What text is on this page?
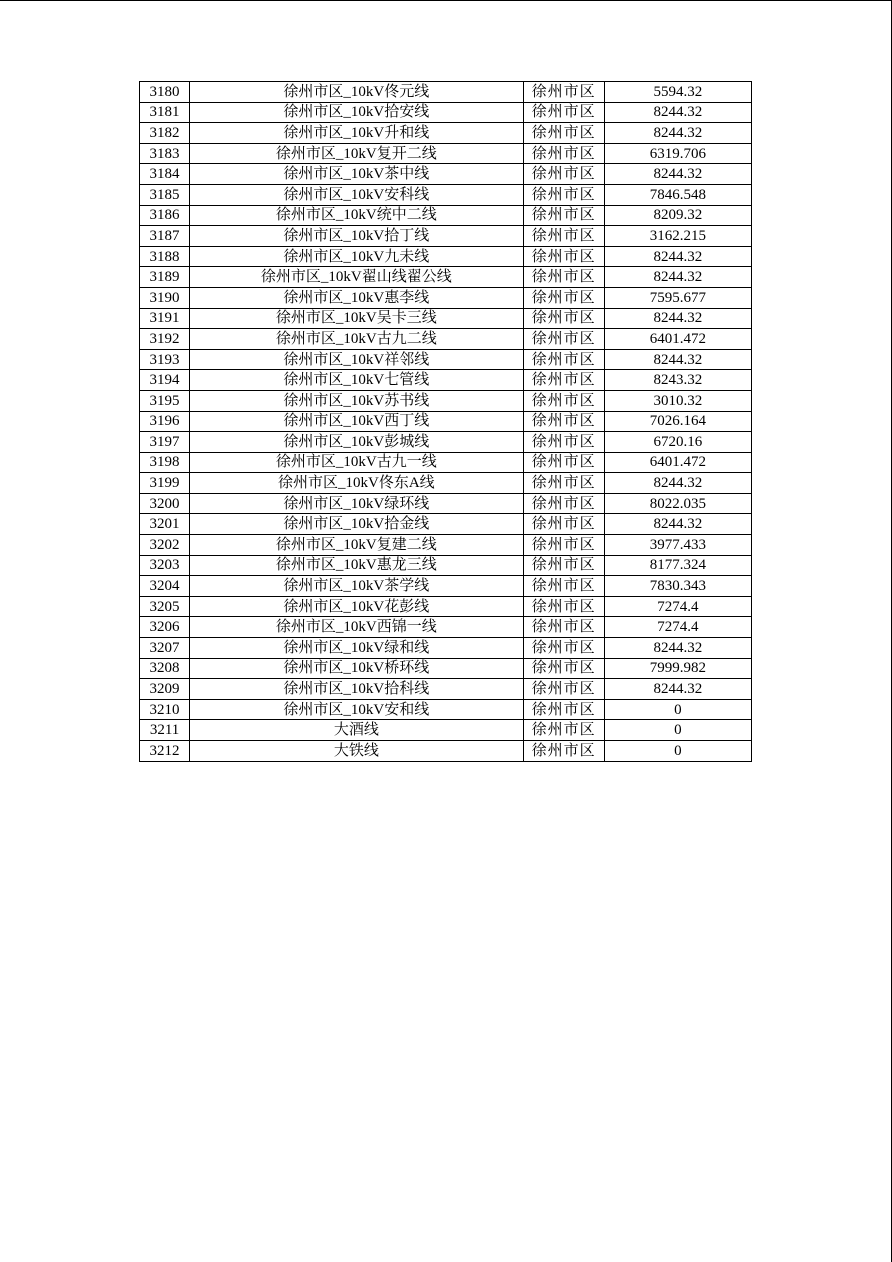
3180	徐州市区_10kV佟元线	徐州市区	5594.32
3181	徐州市区_10kV拾安线	徐州市区	8244.32
3182	徐州市区_10kV升和线	徐州市区	8244.32
3183	徐州市区_10kV复开二线	徐州市区	6319.706
3184	徐州市区_10kV茶中线	徐州市区	8244.32
3185	徐州市区_10kV安科线	徐州市区	7846.548
3186	徐州市区_10kV统中二线	徐州市区	8209.32
3187	徐州市区_10kV拾丁线	徐州市区	3162.215
3188	徐州市区_10kV九未线	徐州市区	8244.32
3189	徐州市区_10kV翟山线翟公线	徐州市区	8244.32
3190	徐州市区_10kV惠李线	徐州市区	7595.677
3191	徐州市区_10kV吴卡三线	徐州市区	8244.32
3192	徐州市区_10kV古九二线	徐州市区	6401.472
3193	徐州市区_10kV祥邻线	徐州市区	8244.32
3194	徐州市区_10kV七管线	徐州市区	8243.32
3195	徐州市区_10kV苏书线	徐州市区	3010.32
3196	徐州市区_10kV西丁线	徐州市区	7026.164
3197	徐州市区_10kV彭城线	徐州市区	6720.16
3198	徐州市区_10kV古九一线	徐州市区	6401.472
3199	徐州市区_10kV佟东A线	徐州市区	8244.32
3200	徐州市区_10kV绿环线	徐州市区	8022.035
3201	徐州市区_10kV拾金线	徐州市区	8244.32
3202	徐州市区_10kV复建二线	徐州市区	3977.433
3203	徐州市区_10kV惠龙三线	徐州市区	8177.324
3204	徐州市区_10kV茶学线	徐州市区	7830.343
3205	徐州市区_10kV花彭线	徐州市区	7274.4
3206	徐州市区_10kV西锦一线	徐州市区	7274.4
3207	徐州市区_10kV绿和线	徐州市区	8244.32
3208	徐州市区_10kV桥环线	徐州市区	7999.982
3209	徐州市区_10kV拾科线	徐州市区	8244.32
3210	徐州市区_10kV安和线	徐州市区	0
3211	大酒线	徐州市区	0
3212	大铁线	徐州市区	0
